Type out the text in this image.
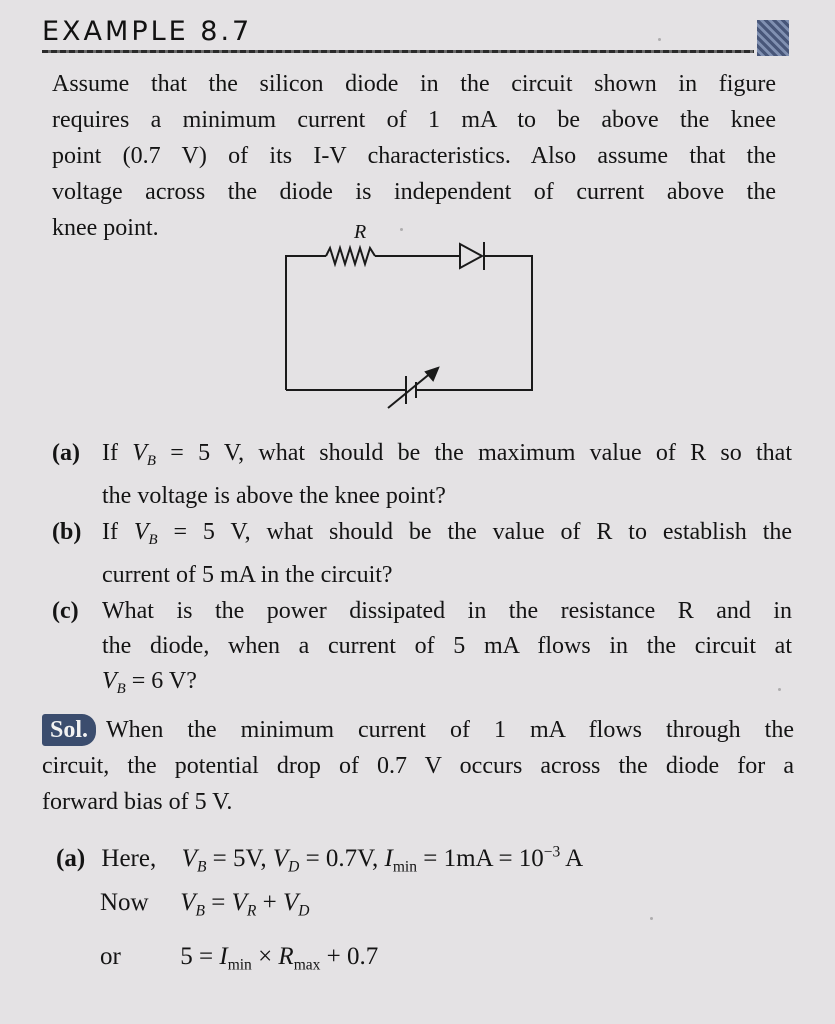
EXAMPLE 8.7
Assume that the silicon diode in the circuit shown in figure
requires a minimum current of 1 mA to be above the knee
point (0.7 V) of its I-V characteristics. Also assume that the
voltage across the diode is independent of current above the
knee point.	R
(a) If $V_B = 5$ V, what should be the maximum value of R so that
the voltage is above the knee point?
(b) If $V_B = 5$ V, what should be the value of R to establish the
current of 5 mA in the circuit?
(c) What is the power dissipated in the resistance R and in
the diode, when a current of 5 mA flows in the circuit at
$V_B = 6$ V?
Sol. When the minimum current of 1 mA flows through the
circuit, the potential drop of 0.7 V occurs across the diode for a
forward bias of 5 V.
(a) Here, $V_B = 5V$, $V_D = 0.7V$, $I_{min} = 1mA = 10^{-3}$ A
Now $V_B = V_R + V_D$
or $5 = I_{min} \times R_{max} + 0.7$
